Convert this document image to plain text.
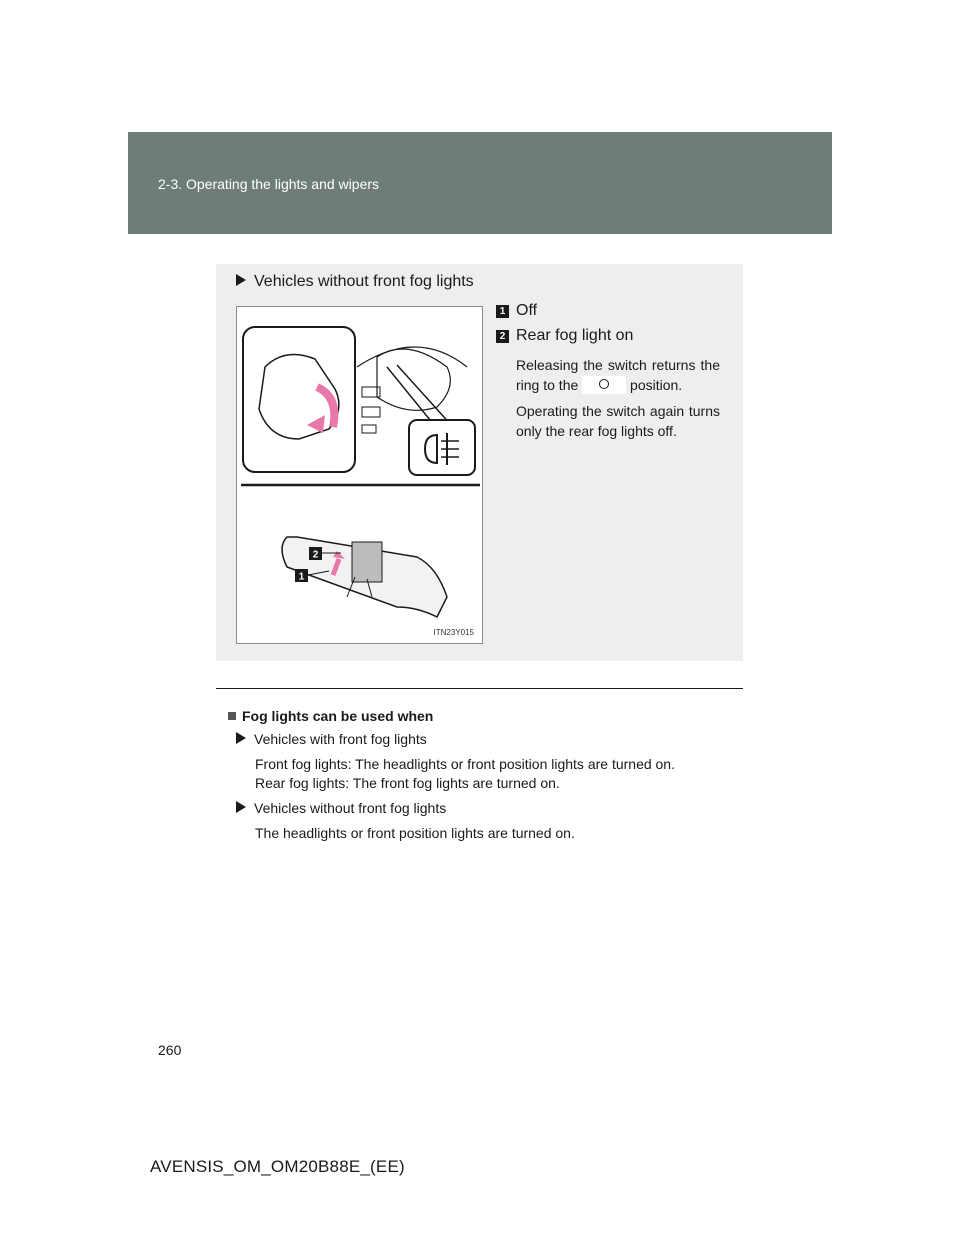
2-3. Operating the lights and wipers
Vehicles without front fog lights
2
1
ITN23Y015
1 Off
2 Rear fog light on
Releasing the switch returns the ring to the	position.
Operating the switch again turns only the rear fog lights off.
Fog lights can be used when
Vehicles with front fog lights
Front fog lights: The headlights or front position lights are turned on.
Rear fog lights: The front fog lights are turned on.
Vehicles without front fog lights
The headlights or front position lights are turned on.
260
AVENSIS_OM_OM20B88E_(EE)
